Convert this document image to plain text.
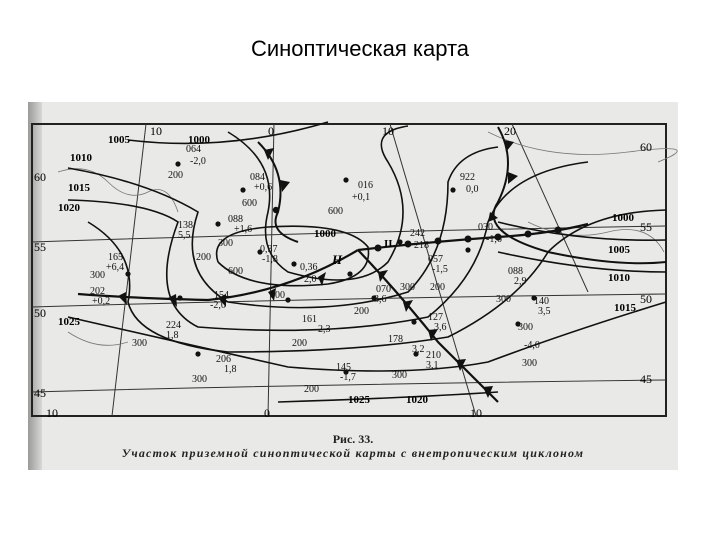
Синоптическая карта
10	0	10	20
10	0	10
60
55
50
45
60
55
50
45
1005	1000
1010
1015
1020
1025
1000
1005
1010
1015
1025	1020
1000
Н
II
064
-2,0
200	084
+0,6
600
016
+0,1
600
922
0,0
088
+1,6
138
5,5
300
0,37
-1,8
600	0,36
2,0
242
030
-1,6
218
057
-1,5
200
088
2,9
165
+6,4
300
202
+0,2
154
-2,0
600
070
3,6
200
300 140
3,5
161
2,3
200
127
3,6	300
-4,0
224
1,8
300	178
3,2
210
3,1
206
1,8
300
145
-1,7
200
300
200
300
300
Рис. 33.
Участок приземной синоптической карты с внетропическим циклоном
